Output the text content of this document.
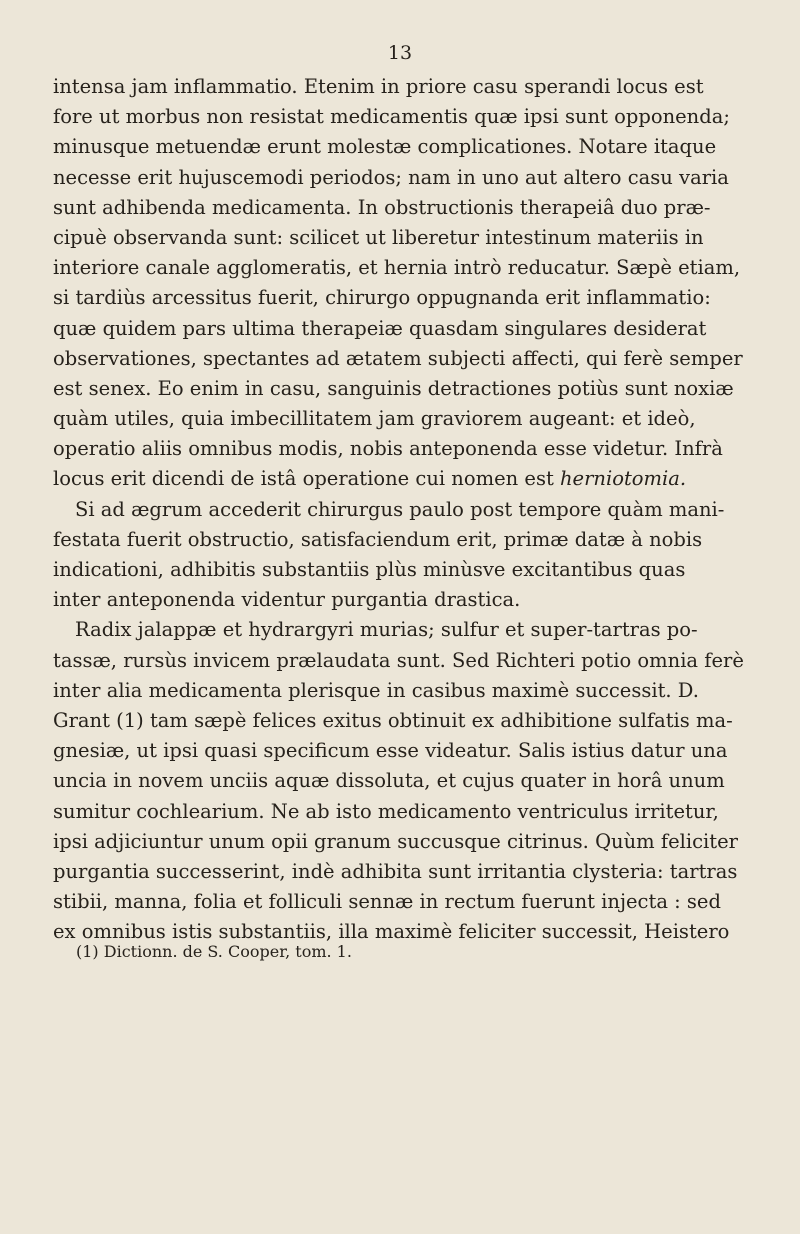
13
intensa jam inflammatio. Etenim in priore casu sperandi locus est
fore ut morbus non resistat medicamentis quæ ipsi sunt opponenda;
minusque metuendæ erunt molestæ complicationes. Notare itaque
necesse erit hujuscemodi periodos; nam in uno aut altero casu varia
sunt adhibenda medicamenta. In obstructionis therapeiâ duo præ-
cipuè observanda sunt: scilicet ut liberetur intestinum materiis in
interiore canale agglomeratis, et hernia intrò reducatur. Sæpè etiam,
si tardiùs arcessitus fuerit, chirurgo oppugnanda erit inflammatio:
quæ quidem pars ultima therapeiæ quasdam singulares desiderat
observationes, spectantes ad ætatem subjecti affecti, qui ferè semper
est senex. Eo enim in casu, sanguinis detractiones potiùs sunt noxiæ
quàm utiles, quia imbecillitatem jam graviorem augeant: et ideò,
operatio aliis omnibus modis, nobis anteponenda esse videtur. Infrà
locus erit dicendi de istâ operatione cui nomen est herniotomia.
Si ad ægrum accederit chirurgus paulo post tempore quàm mani-
festata fuerit obstructio, satisfaciendum erit, primæ datæ à nobis
indicationi, adhibitis substantiis plùs minùsve excitantibus quas
inter anteponenda videntur purgantia drastica.
Radix jalappæ et hydrargyri murias; sulfur et super-tartras po-
tassæ, rursùs invicem prælaudata sunt. Sed Richteri potio omnia ferè
inter alia medicamenta plerisque in casibus maximè successit. D.
Grant (1) tam sæpè felices exitus obtinuit ex adhibitione sulfatis ma-
gnesiæ, ut ipsi quasi specificum esse videatur. Salis istius datur una
uncia in novem unciis aquæ dissoluta, et cujus quater in horâ unum
sumitur cochlearium. Ne ab isto medicamento ventriculus irritetur,
ipsi adjiciuntur unum opii granum succusque citrinus. Quùm feliciter
purgantia successerint, indè adhibita sunt irritantia clysteria: tartras
stibii, manna, folia et folliculi sennæ in rectum fuerunt injecta : sed
ex omnibus istis substantiis, illa maximè feliciter successit, Heistero
(1) Dictionn. de S. Cooper, tom. 1.
